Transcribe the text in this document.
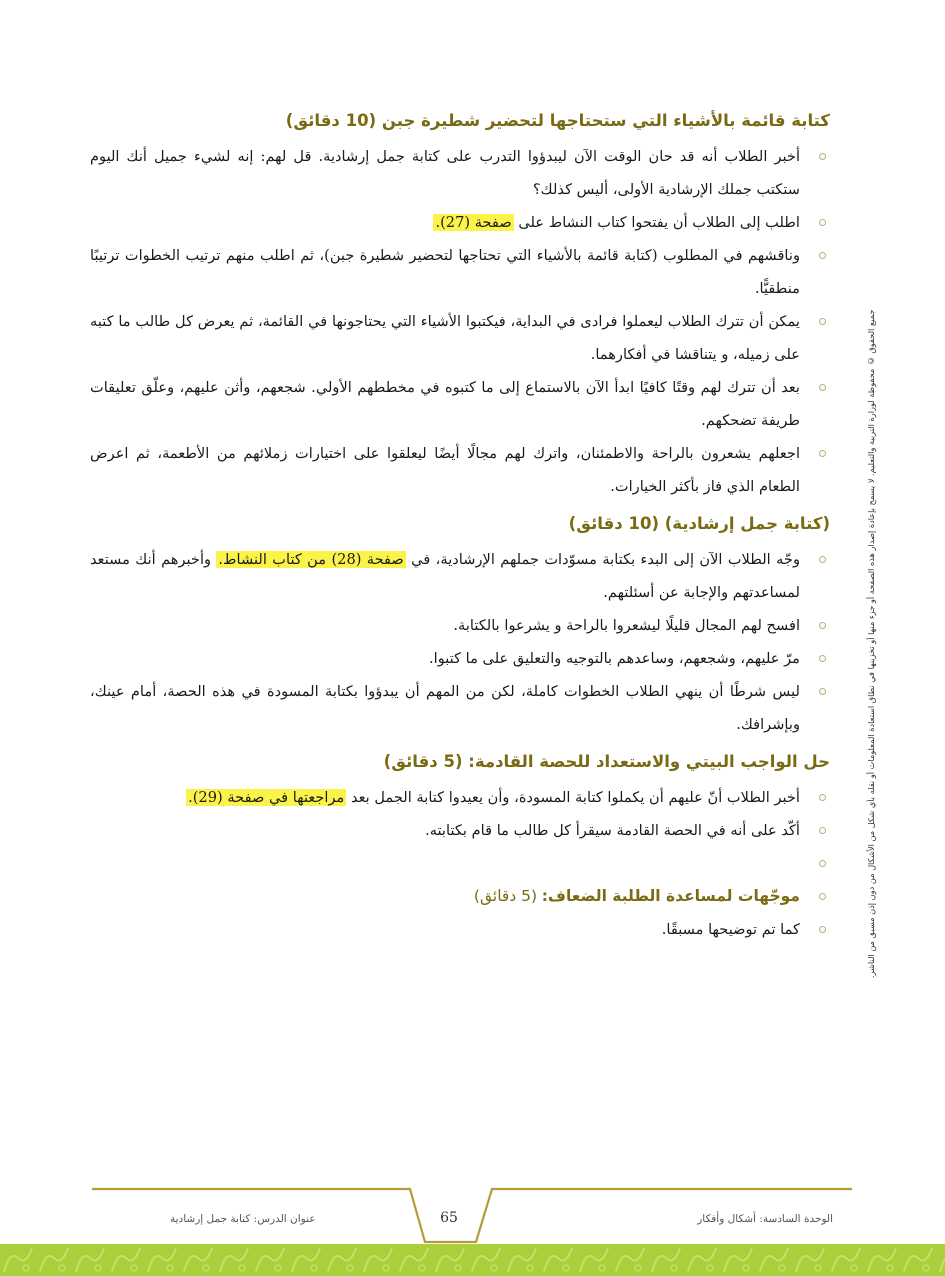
جميع الحقوق © محفوظة لوزارة التربية والتعليم. لا يسمح بإعادة إصدار هذه الصفحة أو جزء منها أو تخزينها في نطاق استعادة المعلومات أو نقله بأي شكل من الأشكال من دون إذن مسبق من الناشر.
كتابة قائمة بالأشياء التي ستحتاجها لتحضير شطيرة جبن (10 دقائق)
أخبر الطلاب أنه قد حان الوقت الآن ليبدؤوا التدرب على كتابة جمل إرشادية. قل لهم: إنه لشيء جميل أنك اليوم ستكتب جملك الإرشادية الأولى، أليس كذلك؟
اطلب إلى الطلاب أن يفتحوا كتاب النشاط على صفحة (27).
وناقشهم في المطلوب (كتابة قائمة بالأشياء التي تحتاجها لتحضير شطيرة جبن)، ثم اطلب منهم ترتيب الخطوات ترتيبًا منطقيًّا.
يمكن أن تترك الطلاب ليعملوا فرادى في البداية، فيكتبوا الأشياء التي يحتاجونها في القائمة، ثم يعرض كل طالب ما كتبه على زميله، و يتناقشا في أفكارهما.
بعد أن تترك لهم وقتًا كافيًا ابدأ الآن بالاستماع إلى ما كتبوه في مخططهم الأولي. شجعهم، وأثن عليهم، وعلّق تعليقات طريفة تضحكهم.
اجعلهم يشعرون بالراحة والاطمئنان، واترك لهم مجالًا أيضًا ليعلقوا على اختيارات زملائهم من الأطعمة، ثم اعرض الطعام الذي فاز بأكثر الخيارات.
(كتابة جمل إرشادية) (10 دقائق)
وجّه الطلاب الآن إلى البدء بكتابة مسوّدات جملهم الإرشادية، في صفحة (28) من كتاب النشاط. وأخبرهم أنك مستعد لمساعدتهم والإجابة عن أسئلتهم.
افسح لهم المجال قليلًا ليشعروا بالراحة و يشرعوا بالكتابة.
مرّ عليهم، وشجعهم، وساعدهم بالتوجيه والتعليق على ما كتبوا.
ليس شرطًا أن ينهي الطلاب الخطوات كاملة، لكن من المهم أن يبدؤوا بكتابة المسودة في هذه الحصة، أمام عينك، وبإشرافك.
حل الواجب البيتي والاستعداد للحصة القادمة: (5 دقائق)
أخبر الطلاب أنّ عليهم أن يكملوا كتابة المسودة، وأن يعيدوا كتابة الجمل بعد مراجعتها في صفحة (29).
أكّد على أنه في الحصة القادمة سيقرأ كل طالب ما قام بكتابته.

موجّهات لمساعدة الطلبة الضعاف: (5 دقائق)
كما تم توضيحها مسبقًا.
الوحدة السادسة: أشكال وأفكار
عنوان الدرس: كتابة جمل إرشادية	65
